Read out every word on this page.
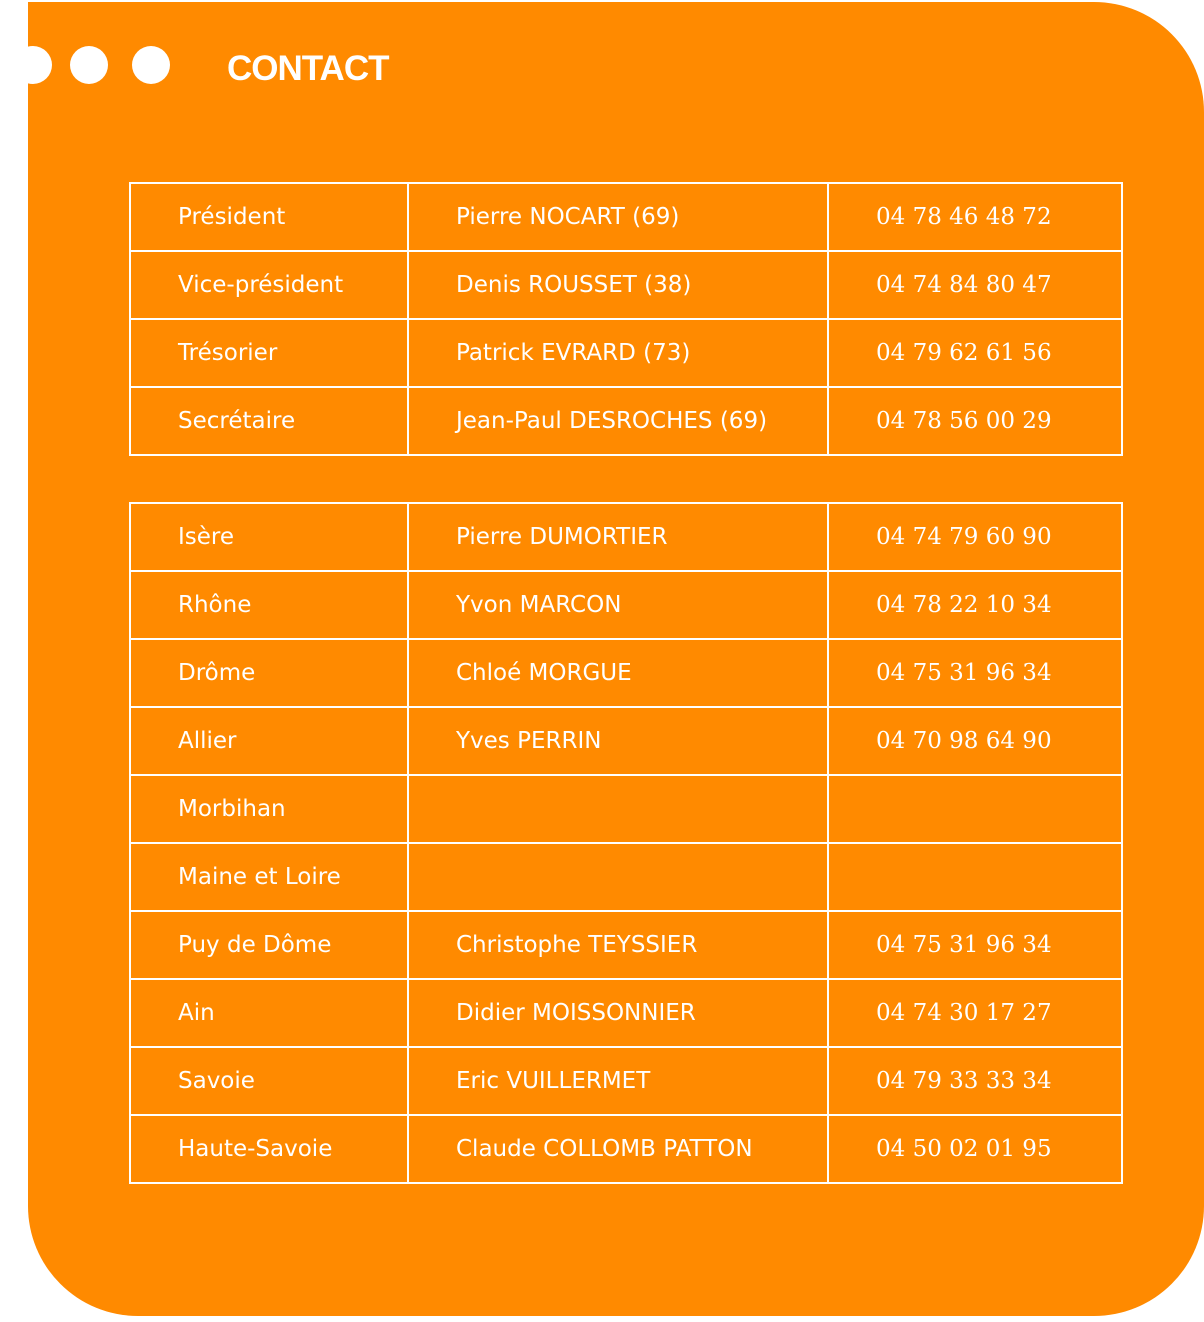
CONTACT
Président	Pierre NOCART (69)	04 78 46 48 72
Vice-président	Denis ROUSSET (38)	04 74 84 80 47
Trésorier	Patrick EVRARD (73)	04 79 62 61 56
Secrétaire	Jean-Paul DESROCHES (69)	04 78 56 00 29
Isère	Pierre DUMORTIER	04 74 79 60 90
Rhône	Yvon MARCON	04 78 22 10 34
Drôme	Chloé MORGUE	04 75 31 96 34
Allier	Yves PERRIN	04 70 98 64 90
Morbihan		
Maine et Loire		
Puy de Dôme	Christophe TEYSSIER	04 75 31 96 34
Ain	Didier MOISSONNIER	04 74 30 17 27
Savoie	Eric VUILLERMET	04 79 33 33 34
Haute-Savoie	Claude COLLOMB PATTON	04 50 02 01 95
